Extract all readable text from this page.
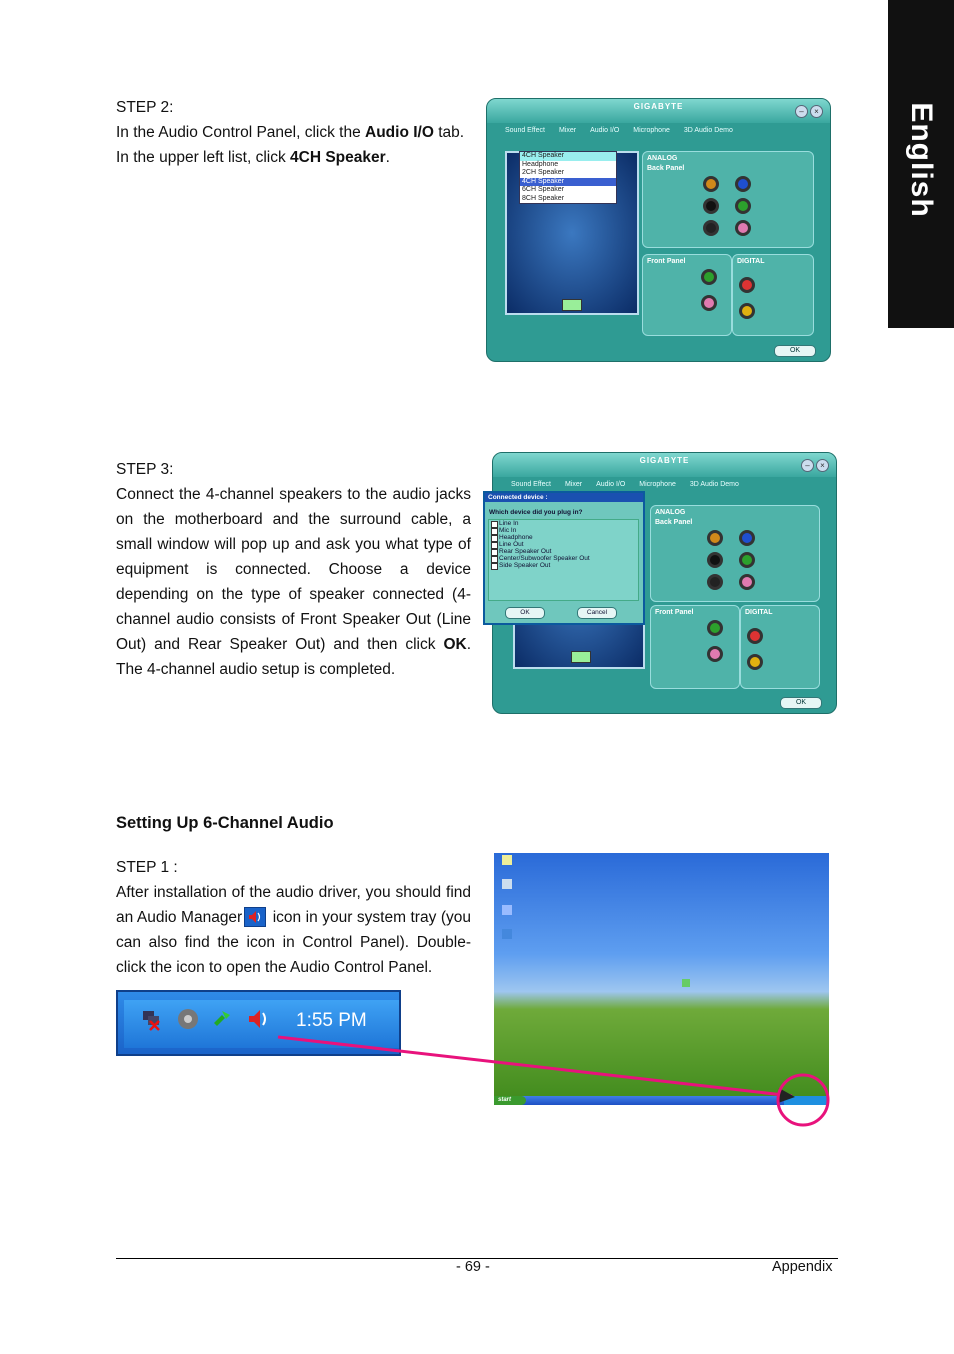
English
STEP 2:
In the Audio Control Panel, click the Audio I/O tab.
In the upper left list, click 4CH Speaker.
GIGABYTE
–	×
Sound Effect Mixer Audio I/O Microphone 3D Audio Demo
4CH Speaker
Headphone
2CH Speaker
4CH Speaker
6CH Speaker
8CH Speaker
ANALOG
Back Panel
Front Panel	DIGITAL
OK
STEP 3:
Connect the 4-channel speakers to the audio jacks on the motherboard and the surround cable, a small window will pop up and ask you what type of equipment is connected. Choose a device depending on the type of speaker connected (4-channel audio consists of Front Speaker Out (Line Out) and Rear Speaker Out) and then click OK. The 4-channel audio setup is completed.
GIGABYTE
–	×
Sound Effect Mixer Audio I/O Microphone 3D Audio Demo
ANALOG
Back Panel
Front Panel	DIGITAL
OK
Connected device :
Which device did you plug in?
Line In
Mic In
Headphone
Line Out
Rear Speaker Out
Center/Subwoofer Speaker Out
Side Speaker Out
OK	Cancel
Setting Up 6-Channel Audio
STEP 1 :
After installation of the audio driver, you should find an Audio Manager icon in your system tray (you can also find the icon in Control Panel). Double-click the icon to open the Audio Control Panel.
1:55 PM
start
- 69 -	Appendix
